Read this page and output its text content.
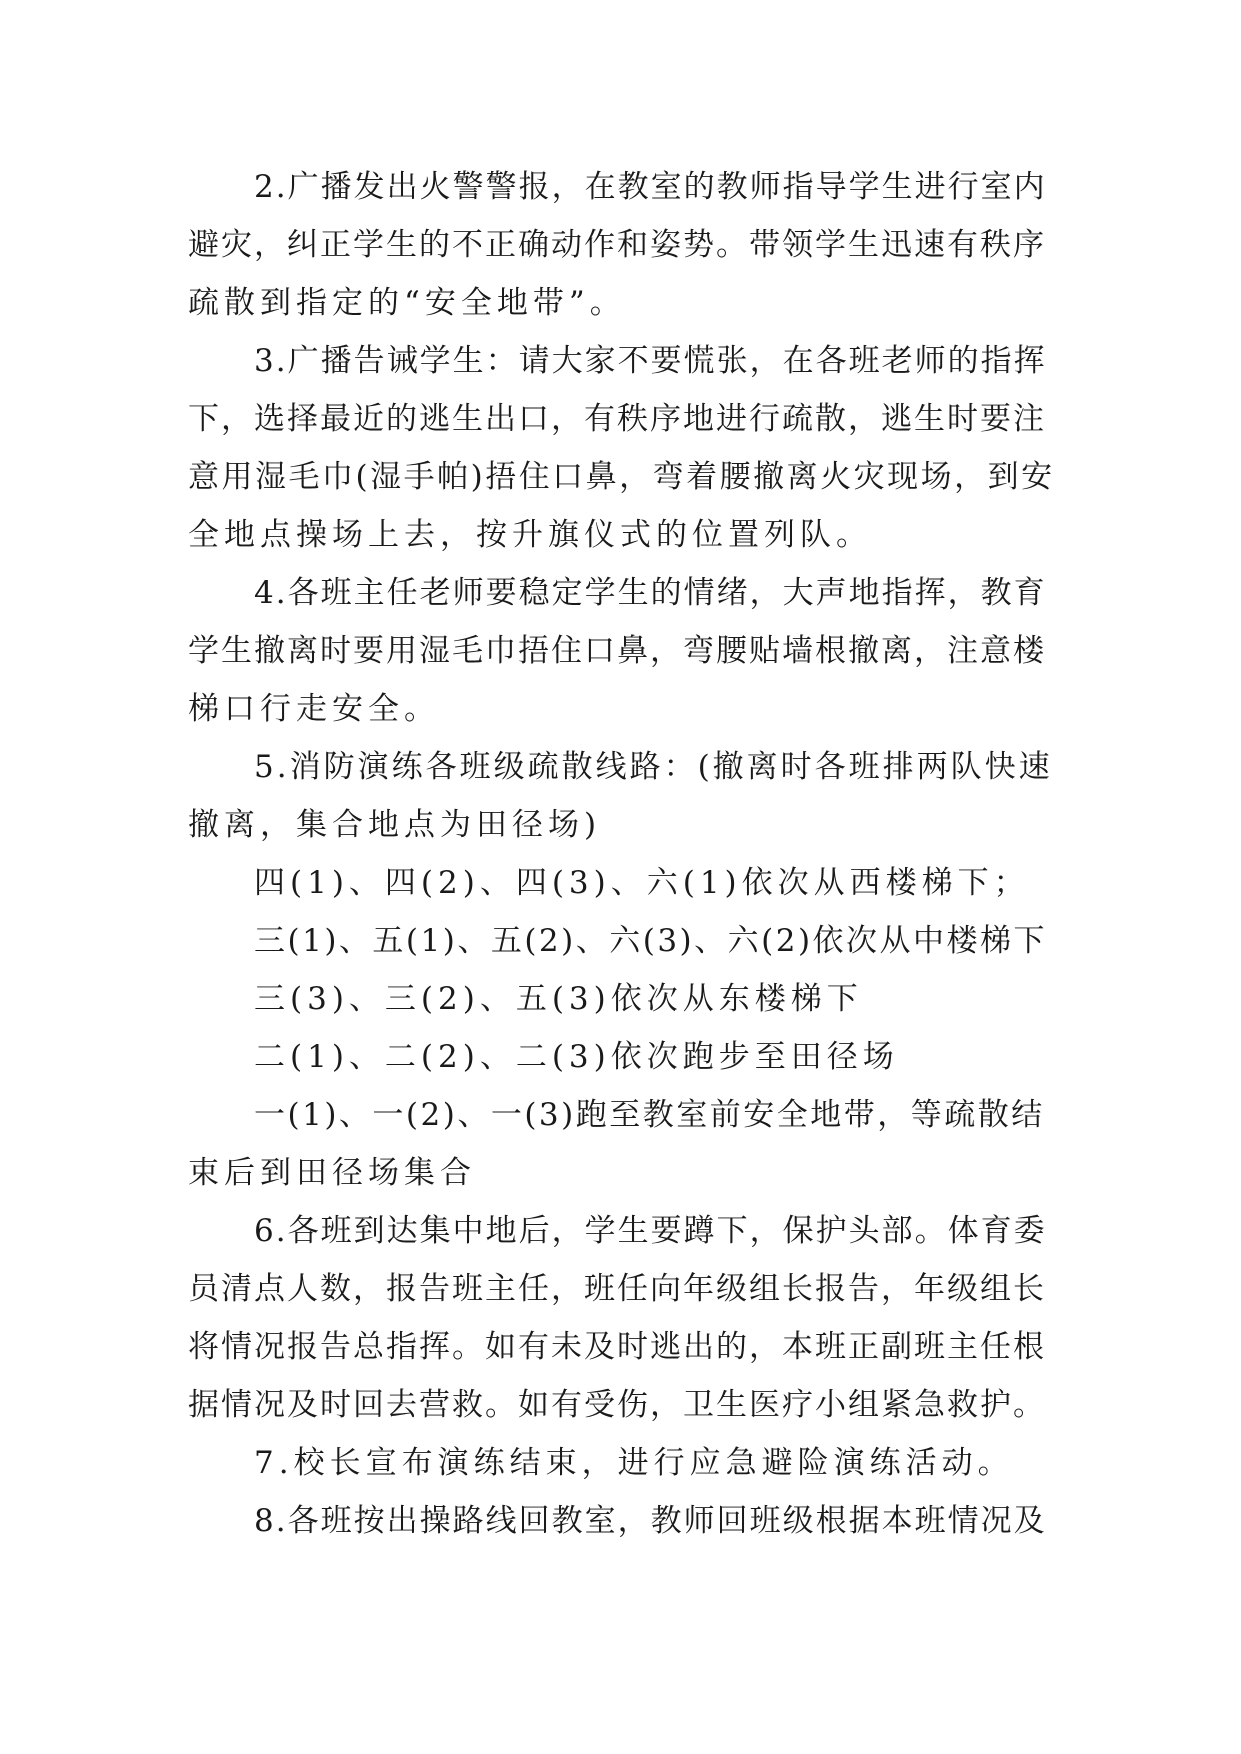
2.广播发出火警警报，在教室的教师指导学生进行室内
避灾，纠正学生的不正确动作和姿势。带领学生迅速有秩序
疏散到指定的“安全地带”。
3.广播告诫学生：请大家不要慌张，在各班老师的指挥
下，选择最近的逃生出口，有秩序地进行疏散，逃生时要注
意用湿毛巾(湿手帕)捂住口鼻，弯着腰撤离火灾现场，到安
全地点操场上去，按升旗仪式的位置列队。
4.各班主任老师要稳定学生的情绪，大声地指挥，教育
学生撤离时要用湿毛巾捂住口鼻，弯腰贴墙根撤离，注意楼
梯口行走安全。
5.消防演练各班级疏散线路：(撤离时各班排两队快速
撤离，集合地点为田径场)
四(1)、四(2)、四(3)、六(1)依次从西楼梯下；
三(1)、五(1)、五(2)、六(3)、六(2)依次从中楼梯下
三(3)、三(2)、五(3)依次从东楼梯下
二(1)、二(2)、二(3)依次跑步至田径场
一(1)、一(2)、一(3)跑至教室前安全地带，等疏散结
束后到田径场集合
6.各班到达集中地后，学生要蹲下，保护头部。体育委
员清点人数，报告班主任，班任向年级组长报告，年级组长
将情况报告总指挥。如有未及时逃出的，本班正副班主任根
据情况及时回去营救。如有受伤，卫生医疗小组紧急救护。
7.校长宣布演练结束，进行应急避险演练活动。
8.各班按出操路线回教室，教师回班级根据本班情况及
